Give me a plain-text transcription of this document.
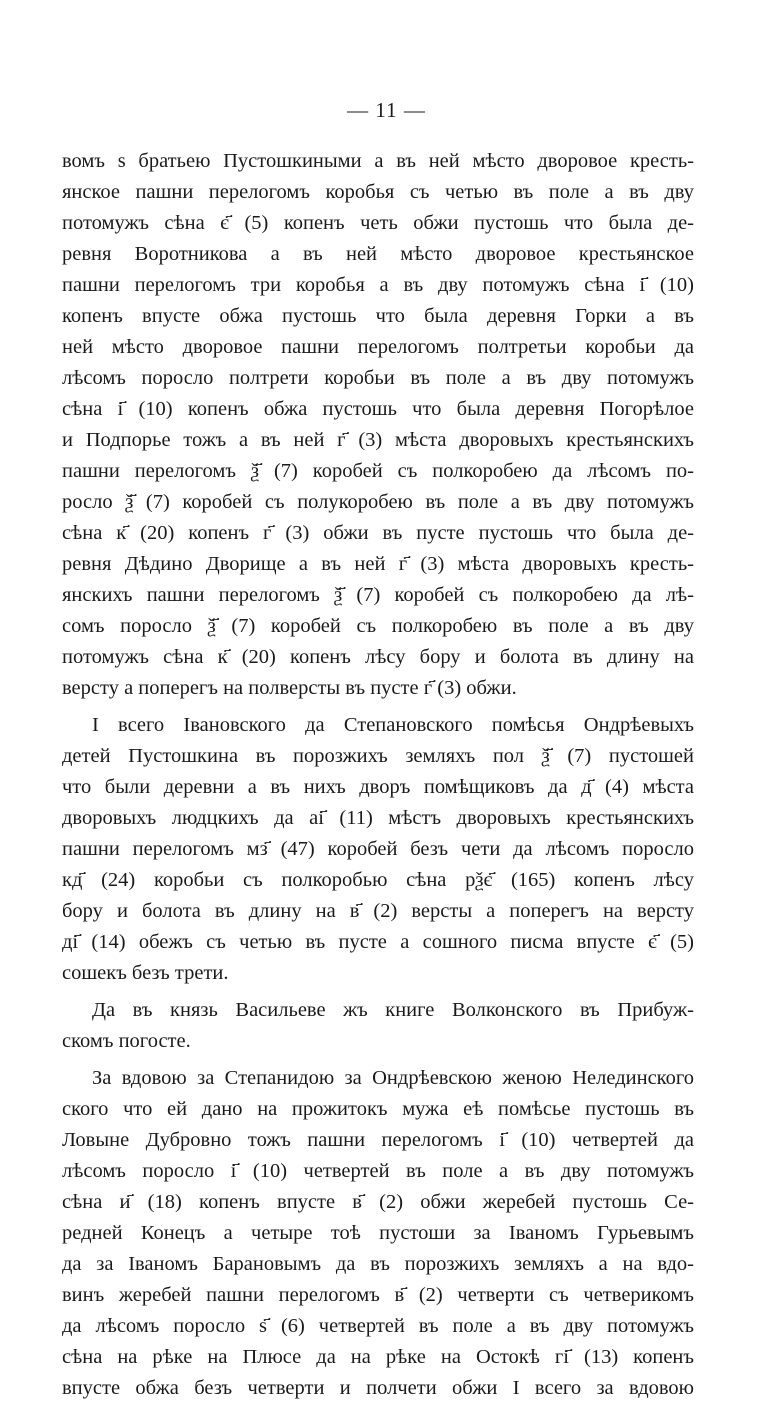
— 11 —
вомъ ѕ братьею Пустошкиными а въ ней мѣсто дворовое кресть-
янское пашни перелогомъ коробья съ четью въ поле а въ дву
потомужъ сѣна є҃ (5) копенъ четь обжи пустошь что была де-
ревня Воротникова а въ ней мѣсто дворовое крестьянское
пашни перелогомъ три коробья а въ дву потомужъ сѣна і҃ (10)
копенъ впусте обжа пустошь что была деревня Горки а въ
ней мѣсто дворовое пашни перелогомъ полтретьи коробьи да
лѣсомъ поросло полтрети коробьи въ поле а въ дву потомужъ
сѣна і҃ (10) копенъ обжа пустошь что была деревня Погорѣлое
и Подпорье тожъ а въ ней г҃ (3) мѣста дворовыхъ крестьянскихъ
пашни перелогомъ ѯ҃ (7) коробей съ полкоробею да лѣсомъ по-
росло ѯ҃ (7) коробей съ полукоробею въ поле а въ дву потомужъ
сѣна к҃ (20) копенъ г҃ (3) обжи въ пусте пустошь что была де-
ревня Дѣдино Дворище а въ ней г҃ (3) мѣста дворовыхъ кресть-
янскихъ пашни перелогомъ ѯ҃ (7) коробей съ полкоробею да лѣ-
сомъ поросло ѯ҃ (7) коробей съ полкоробею въ поле а въ дву
потомужъ сѣна к҃ (20) копенъ лѣсу бору и болота въ длину на
версту а поперегъ на полверсты въ пусте г҃ (3) обжи.
І всего Івановского да Степановского помѣсья Ондрѣевыхъ
детей Пустошкина въ порозжихъ земляхъ пол ѯ҃ (7) пустошей
что были деревни а въ нихъ дворъ помѣщиковъ да д҃ (4) мѣста
дворовыхъ людцкихъ да аі҃ (11) мѣстъ дворовыхъ крестьянскихъ
пашни перелогомъ мз҃ (47) коробей безъ чети да лѣсомъ поросло
кд҃ (24) коробьи съ полкоробью сѣна рѯє҃ (165) копенъ лѣсу
бору и болота въ длину на в҃ (2) версты а поперегъ на версту
ді҃ (14) обежъ съ четью въ пусте а сошного писма впусте є҃ (5)
сошекъ безъ трети.
Да въ князь Васильеве жъ книге Волконского въ Прибуж-
скомъ погосте.
За вдовою за Степанидою за Ондрѣевскою женою Нелединского
ского что ей дано на прожитокъ мужа еѣ помѣсье пустошь въ
Ловыне Дубровно тожъ пашни перелогомъ і҃ (10) четвертей да
лѣсомъ поросло і҃ (10) четвертей въ поле а въ дву потомужъ
сѣна и҃ (18) копенъ впусте в҃ (2) обжи жеребей пустошь Се-
редней Конецъ а четыре тоѣ пустоши за Іваномъ Гурьевымъ
да за Іваномъ Барановымъ да въ порозжихъ земляхъ а на вдо-
винъ жеребей пашни перелогомъ в҃ (2) четверти съ четверикомъ
да лѣсомъ поросло ѕ҃ (6) четвертей въ поле а въ дву потомужъ
сѣна на рѣке на Плюсе да на рѣке на Остокѣ гі҃ (13) копенъ
впусте обжа безъ четверти и полчети обжи І всего за вдовою
